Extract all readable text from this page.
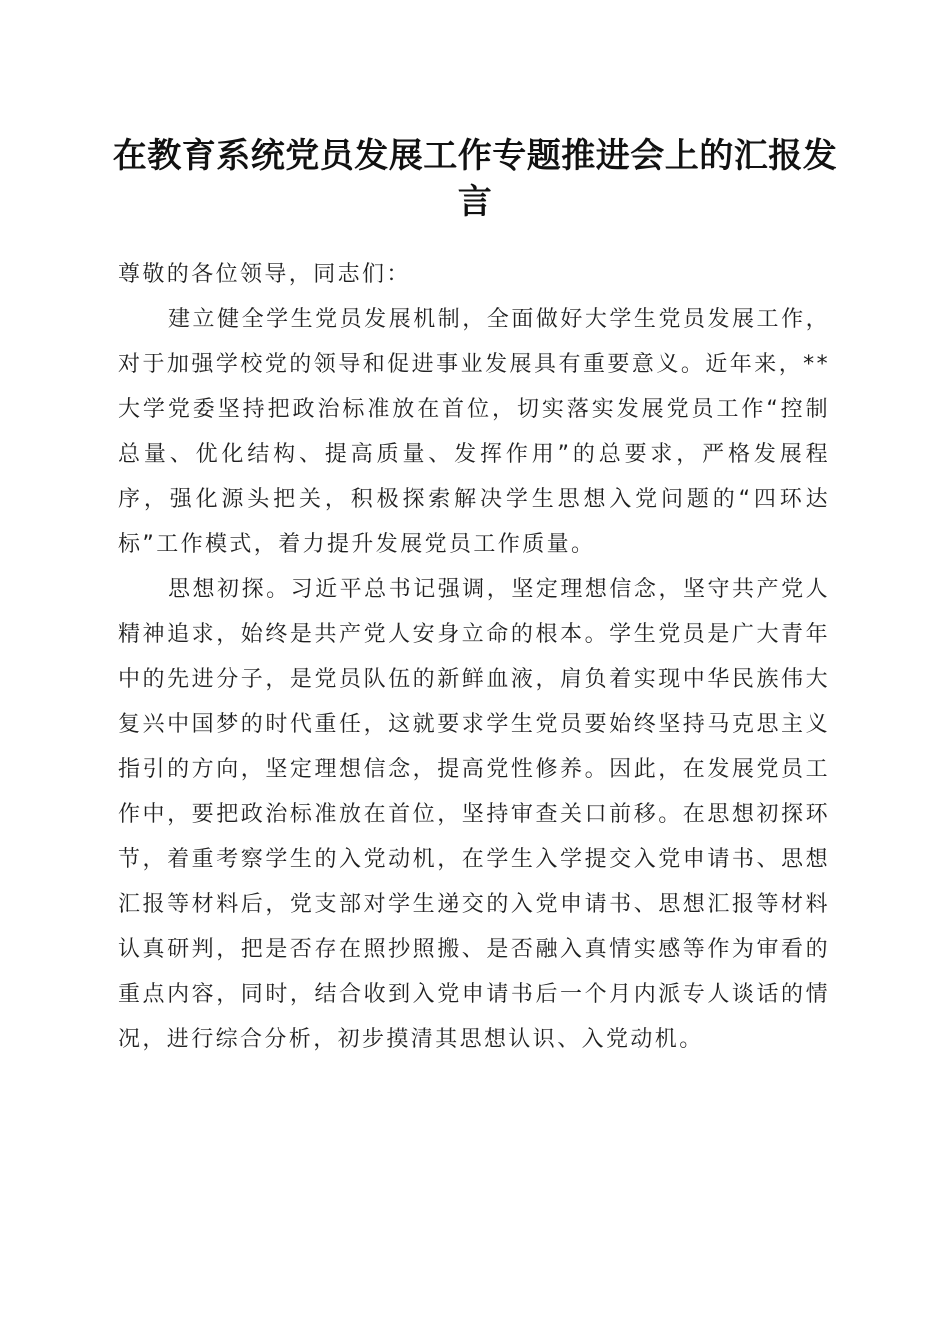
在教育系统党员发展工作专题推进会上的汇报发言

尊敬的各位领导，同志们：

建立健全学生党员发展机制，全面做好大学生党员发展工作，对于加强学校党的领导和促进事业发展具有重要意义。近年来，**大学党委坚持把政治标准放在首位，切实落实发展党员工作“控制总量、优化结构、提高质量、发挥作用”的总要求，严格发展程序，强化源头把关，积极探索解决学生思想入党问题的“四环达标”工作模式，着力提升发展党员工作质量。

思想初探。习近平总书记强调，坚定理想信念，坚守共产党人精神追求，始终是共产党人安身立命的根本。学生党员是广大青年中的先进分子，是党员队伍的新鲜血液，肩负着实现中华民族伟大复兴中国梦的时代重任，这就要求学生党员要始终坚持马克思主义指引的方向，坚定理想信念，提高党性修养。因此，在发展党员工作中，要把政治标准放在首位，坚持审查关口前移。在思想初探环节，着重考察学生的入党动机，在学生入学提交入党申请书、思想汇报等材料后，党支部对学生递交的入党申请书、思想汇报等材料认真研判，把是否存在照抄照搬、是否融入真情实感等作为审看的重点内容，同时，结合收到入党申请书后一个月内派专人谈话的情况，进行综合分析，初步摸清其思想认识、入党动机。
